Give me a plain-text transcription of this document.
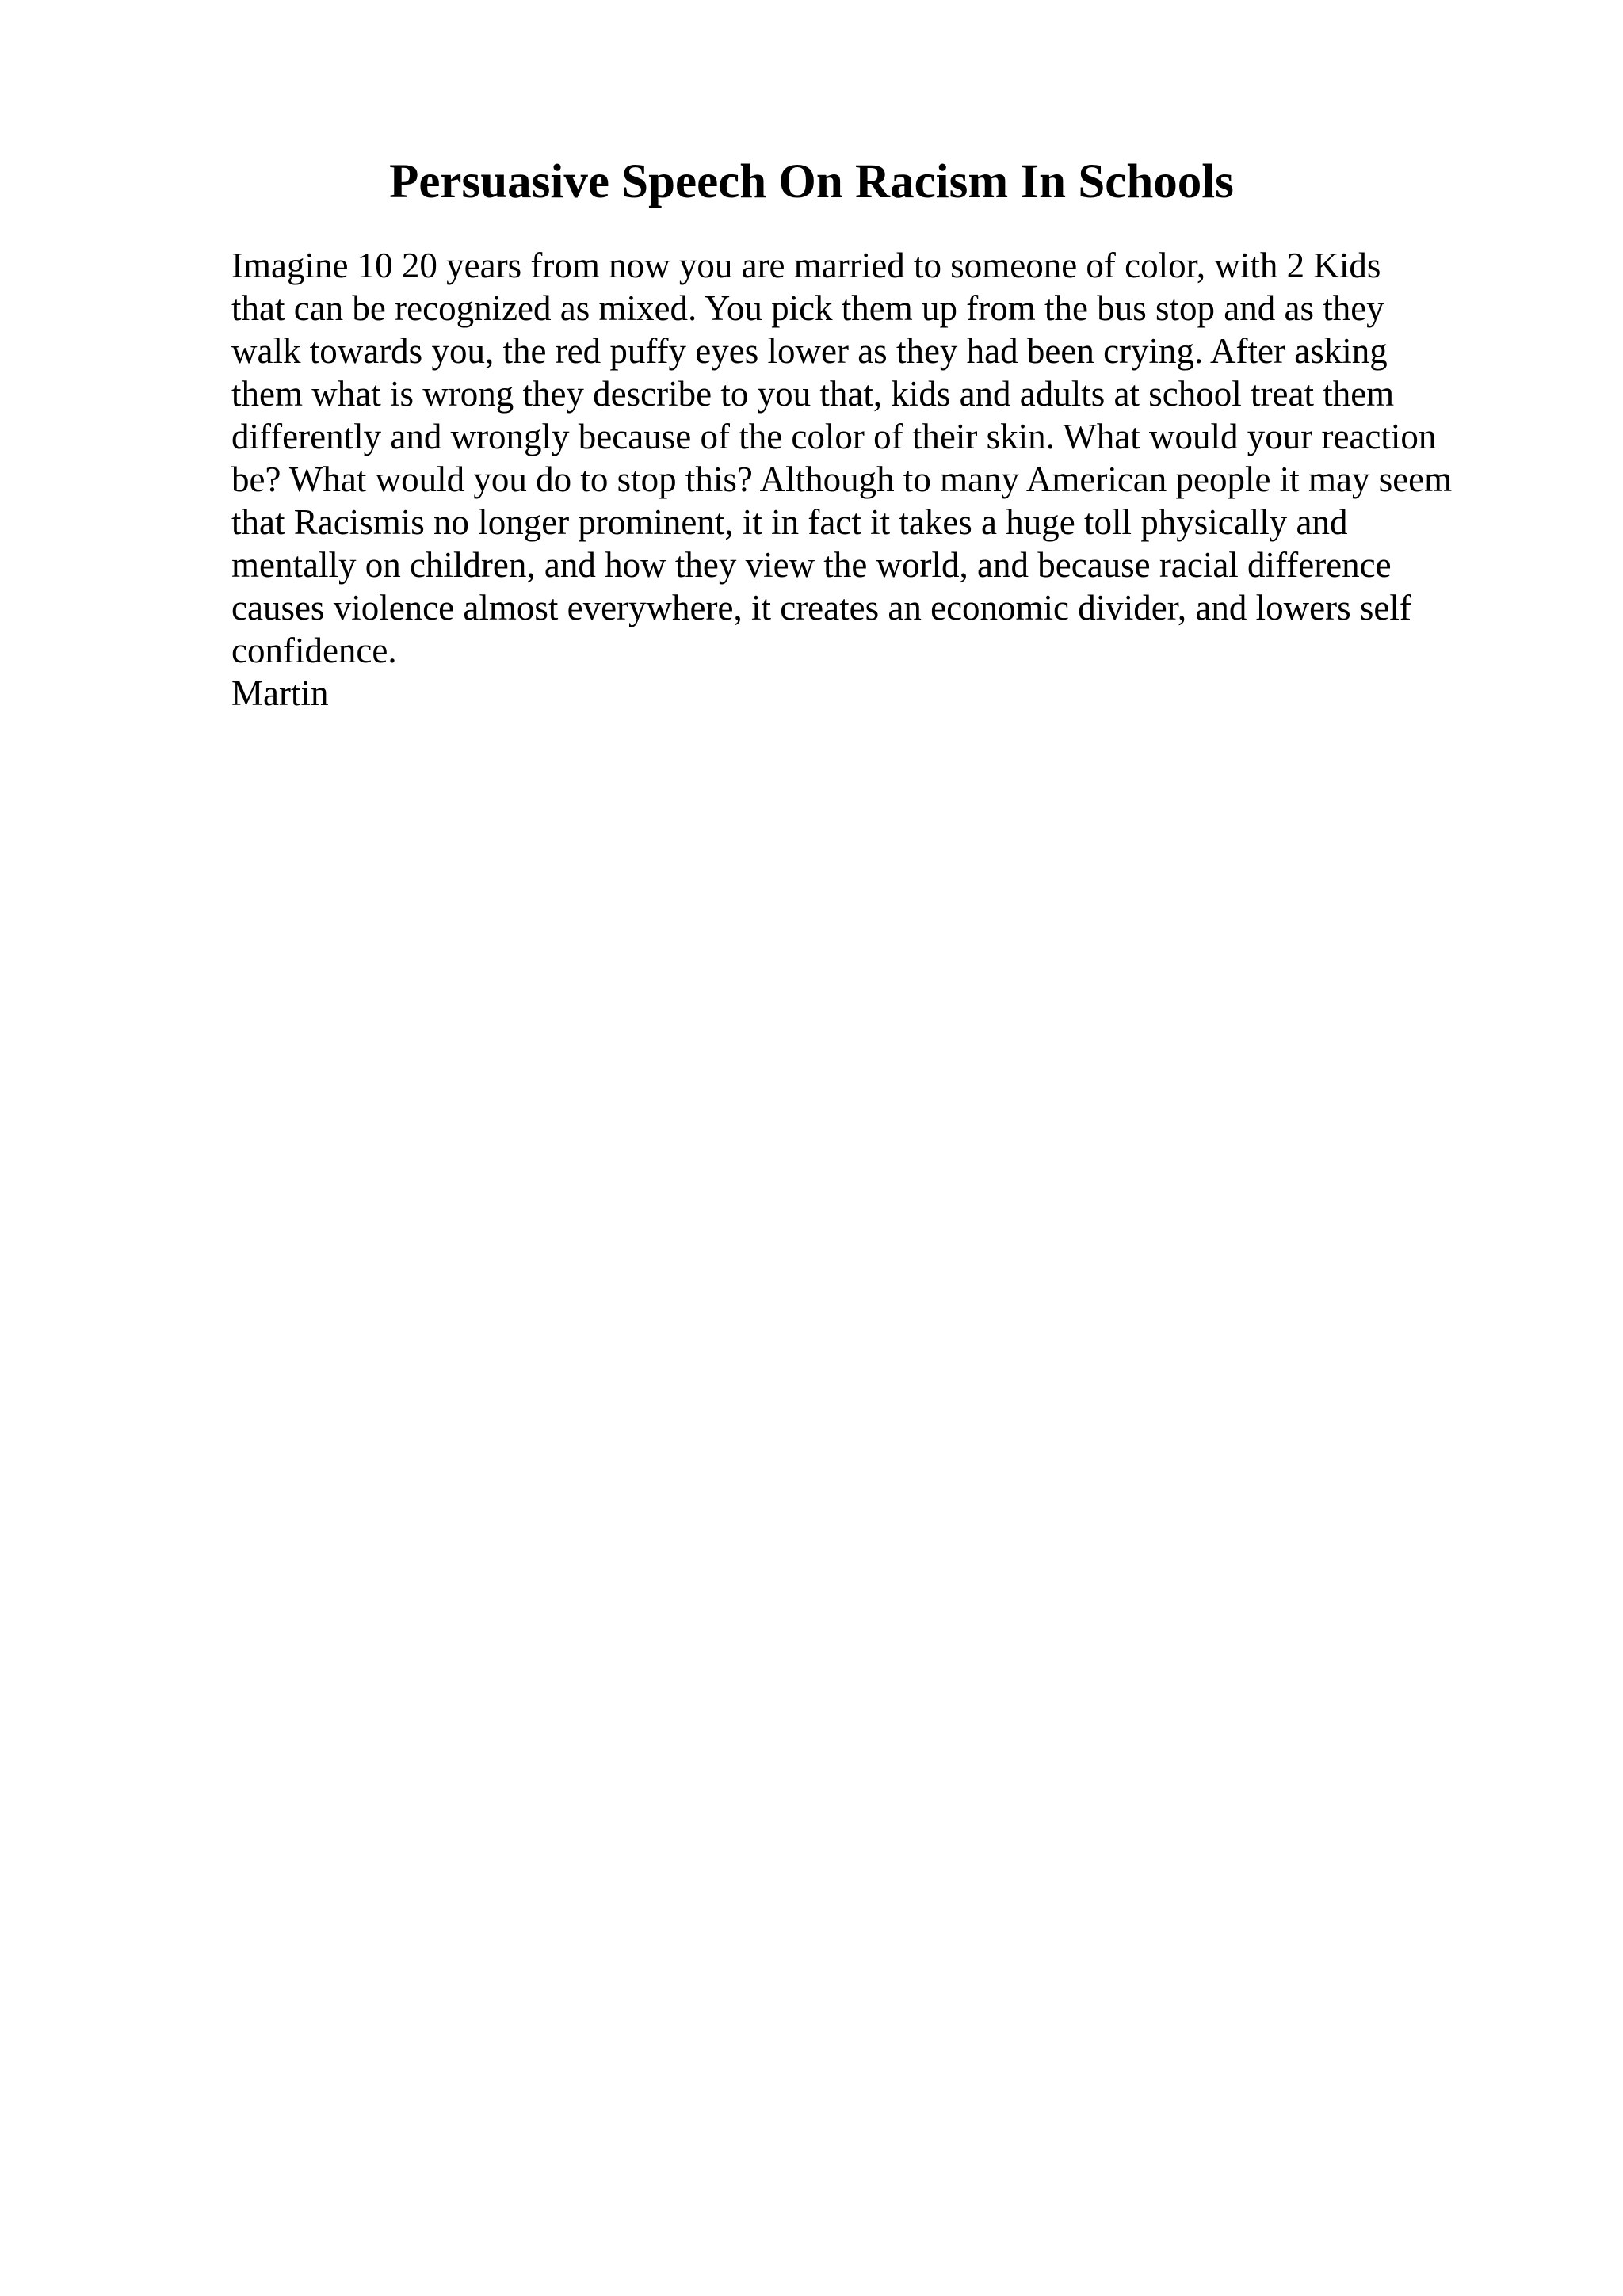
Persuasive Speech On Racism In Schools
Imagine 10 20 years from now you are married to someone of color, with 2 Kids
that can be recognized as mixed. You pick them up from the bus stop and as they
walk towards you, the red puffy eyes lower as they had been crying. After asking
them what is wrong they describe to you that, kids and adults at school treat them
differently and wrongly because of the color of their skin. What would your reaction
be? What would you do to stop this? Although to many American people it may seem
that Racismis no longer prominent, it in fact it takes a huge toll physically and
mentally on children, and how they view the world, and because racial difference
causes violence almost everywhere, it creates an economic divider, and lowers self
confidence.
Martin
